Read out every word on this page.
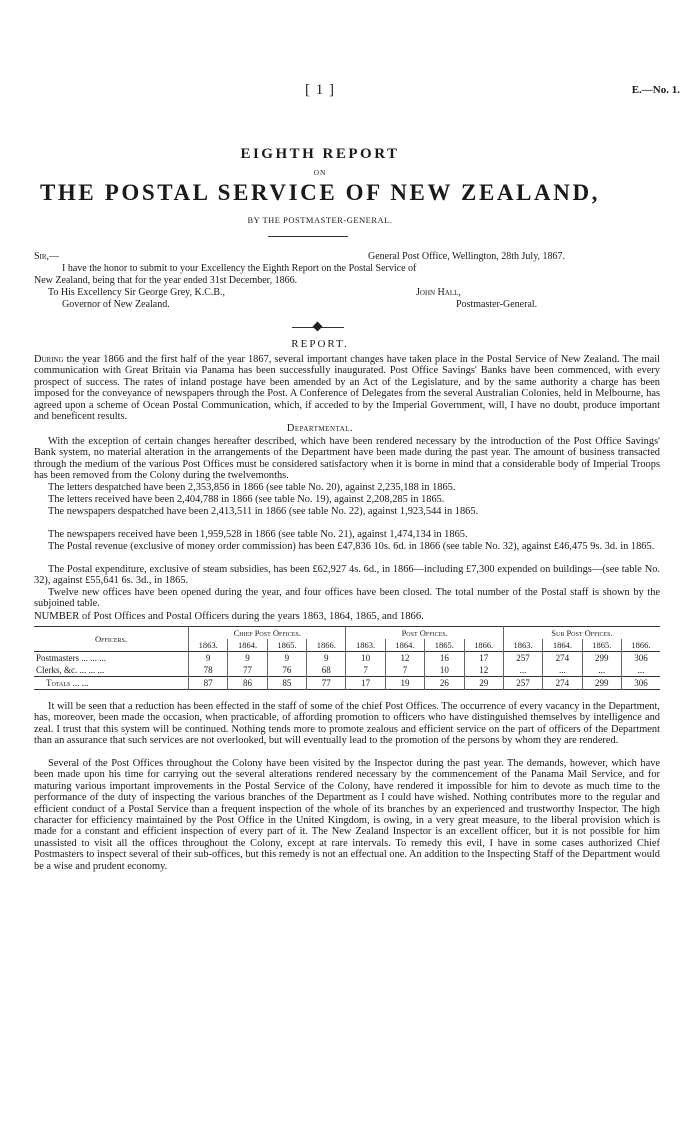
[ 1 ]	E.—No. 1.
EIGHTH REPORT
ON
THE POSTAL SERVICE OF NEW ZEALAND,
BY THE POSTMASTER-GENERAL.
Sir,—	General Post Office, Wellington, 28th July, 1867.
I have the honor to submit to your Excellency the Eighth Report on the Postal Service of
New Zealand, being that for the year ended 31st December, 1866.
To His Excellency Sir George Grey, K.C.B.,	John Hall,
Governor of New Zealand.	Postmaster-General.
REPORT.

During the year 1866 and the first half of the year 1867, several important changes have taken place in the Postal Service of New Zealand. The mail communication with Great Britain via Panama has been successfully inaugurated. Post Office Savings' Banks have been commenced, with every prospect of success. The rates of inland postage have been amended by an Act of the Legislature, and by the same authority a charge has been imposed for the conveyance of newspapers through the Post. A Conference of Delegates from the several Australian Colonies, held in Melbourne, has agreed upon a scheme of Ocean Postal Communication, which, if acceded to by the Imperial Government, will, I have no doubt, produce important and beneficent results.

Departmental.

With the exception of certain changes hereafter described, which have been rendered necessary by the introduction of the Post Office Savings' Bank system, no material alteration in the arrangements of the Department have been made during the past year. The amount of business transacted through the medium of the various Post Offices must be considered satisfactory when it is borne in mind that a considerable body of Imperial Troops has been removed from the Colony during the twelvemonths.

The letters despatched have been 2,353,856 in 1866 (see table No. 20), against 2,235,188 in 1865.

The letters received have been 2,404,788 in 1866 (see table No. 19), against 2,208,285 in 1865.

The newspapers despatched have been 2,413,511 in 1866 (see table No. 22), against 1,923,544 in 1865.

The newspapers received have been 1,959,528 in 1866 (see table No. 21), against 1,474,134 in 1865.

The Postal revenue (exclusive of money order commission) has been £47,836 10s. 6d. in 1866 (see table No. 32), against £46,475 9s. 3d. in 1865.

The Postal expenditure, exclusive of steam subsidies, has been £62,927 4s. 6d., in 1866—including £7,300 expended on buildings—(see table No. 32), against £55,641 6s. 3d., in 1865.

Twelve new offices have been opened during the year, and four offices have been closed. The total number of the Postal staff is shown by the subjoined table.

NUMBER of Post Offices and Postal Officers during the years 1863, 1864, 1865, and 1866.
Officers.	Chief Post Offices.				Post Offices.				Sub Post Offices.			
	1863.	1864.	1865.	1866.	1863.	1864.	1865.	1866.	1863.	1864.	1865.	1866.
Postmasters ... ... ...	9	9	9	9	10	12	16	17	257	274	299	306
Clerks, &c. ... ... ...	78	77	76	68	7	7	10	12	...	...	...	...
Totals ... ...	87	86	85	77	17	19	26	29	257	274	299	306

It will be seen that a reduction has been effected in the staff of some of the chief Post Offices. The occurrence of every vacancy in the Department, has, moreover, been made the occasion, when practicable, of affording promotion to officers who have distinguished themselves by intelligence and zeal. I trust that this system will be continued. Nothing tends more to promote zealous and efficient service on the part of officers of the Department than an assurance that such services are not overlooked, but will eventually lead to the promotion of the persons by whom they are rendered.

Several of the Post Offices throughout the Colony have been visited by the Inspector during the past year. The demands, however, which have been made upon his time for carrying out the several alterations rendered necessary by the commencement of the Panama Mail Service, and for maturing various important improvements in the Postal Service of the Colony, have rendered it impossible for him to devote as much time to the performance of the duty of inspecting the various branches of the Department as I could have wished. Nothing contributes more to the regular and efficient conduct of a Postal Service than a frequent inspection of the whole of its branches by an experienced and trustworthy Inspector. The high character for efficiency maintained by the Post Office in the United Kingdom, is owing, in a very great measure, to the liberal provision which is made for a constant and efficient inspection of every part of it. The New Zealand Inspector is an excellent officer, but it is not possible for him unassisted to visit all the offices throughout the Colony, except at rare intervals. To remedy this evil, I have in some cases authorized Chief Postmasters to inspect several of their sub-offices, but this remedy is not an effectual one. An addition to the Inspecting Staff of the Department would be a wise and prudent economy.
